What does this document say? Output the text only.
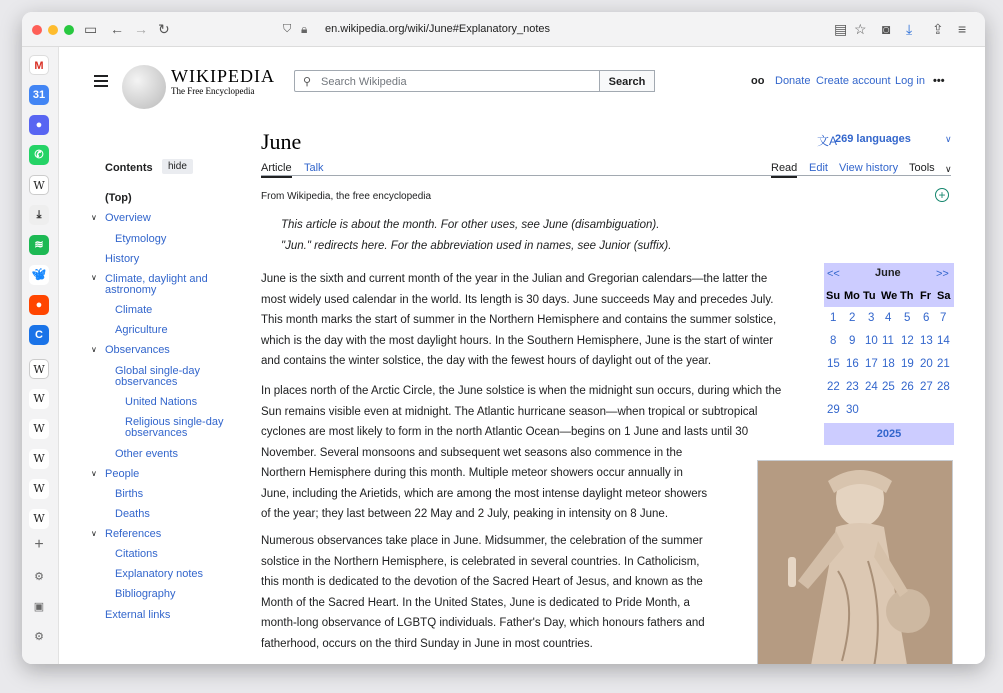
▭ ← → ↻	⛉ 🔒︎ en.wikipedia.org/wiki/June#Explanatory_notes	▤ ☆ ◙ ⤓ ⇪ ≡
M
31
●
✆
W
⤓
≋
🦋︎
●
C
W
W
W
W
W
W
+
⚙
▣
⚙
WIKIPEDIA
The Free Encyclopedia
⚲ Search Wikipedia	Search	oo Donate Create account Log in •••
Contents	hide
(Top)
∨ Overview
Etymology
History
∨ Climate, daylight and
astronomy
Climate
Agriculture
∨ Observances
Global single-day
observances
United Nations
Religious single-day
observances
Other events
∨ People
Births
Deaths
∨ References
Citations
Explanatory notes
Bibliography
External links
June	文A
269 languages	∨
Article Talk	Read Edit View history Tools ∨
From Wikipedia, the free encyclopedia	+
This article is about the month. For other uses, see June (disambiguation).
"Jun." redirects here. For the abbreviation used in names, see Junior (suffix).
June is the sixth and current month of the year in the Julian and Gregorian calendars—the latter the
most widely used calendar in the world. Its length is 30 days. June succeeds May and precedes July.
This month marks the start of summer in the Northern Hemisphere and contains the summer solstice,
which is the day with the most daylight hours. In the Southern Hemisphere, June is the start of winter
and contains the winter solstice, the day with the fewest hours of daylight out of the year.
In places north of the Arctic Circle, the June solstice is when the midnight sun occurs, during which the
Sun remains visible even at midnight. The Atlantic hurricane season—when tropical or subtropical
cyclones are most likely to form in the north Atlantic Ocean—begins on 1 June and lasts until 30
November. Several monsoons and subsequent wet seasons also commence in the
Northern Hemisphere during this month. Multiple meteor showers occur annually in
June, including the Arietids, which are among the most intense daylight meteor showers
of the year; they last between 22 May and 2 July, peaking in intensity on 8 June.
Numerous observances take place in June. Midsummer, the celebration of the summer
solstice in the Northern Hemisphere, is celebrated in several countries. In Catholicism,
this month is dedicated to the devotion of the Sacred Heart of Jesus, and known as the
Month of the Sacred Heart. In the United States, June is dedicated to Pride Month, a
month-long observance of LGBTQ individuals. Father's Day, which honours fathers and
fatherhood, occurs on the third Sunday in June in most countries.
<<	June	>>
Su Mo Tu We Th Fr Sa
1 2 3 4 5 6 7
8 9 10 11 12 13 14
15 16 17 18 19 20 21
22 23 24 25 26 27 28
29 30
2025
